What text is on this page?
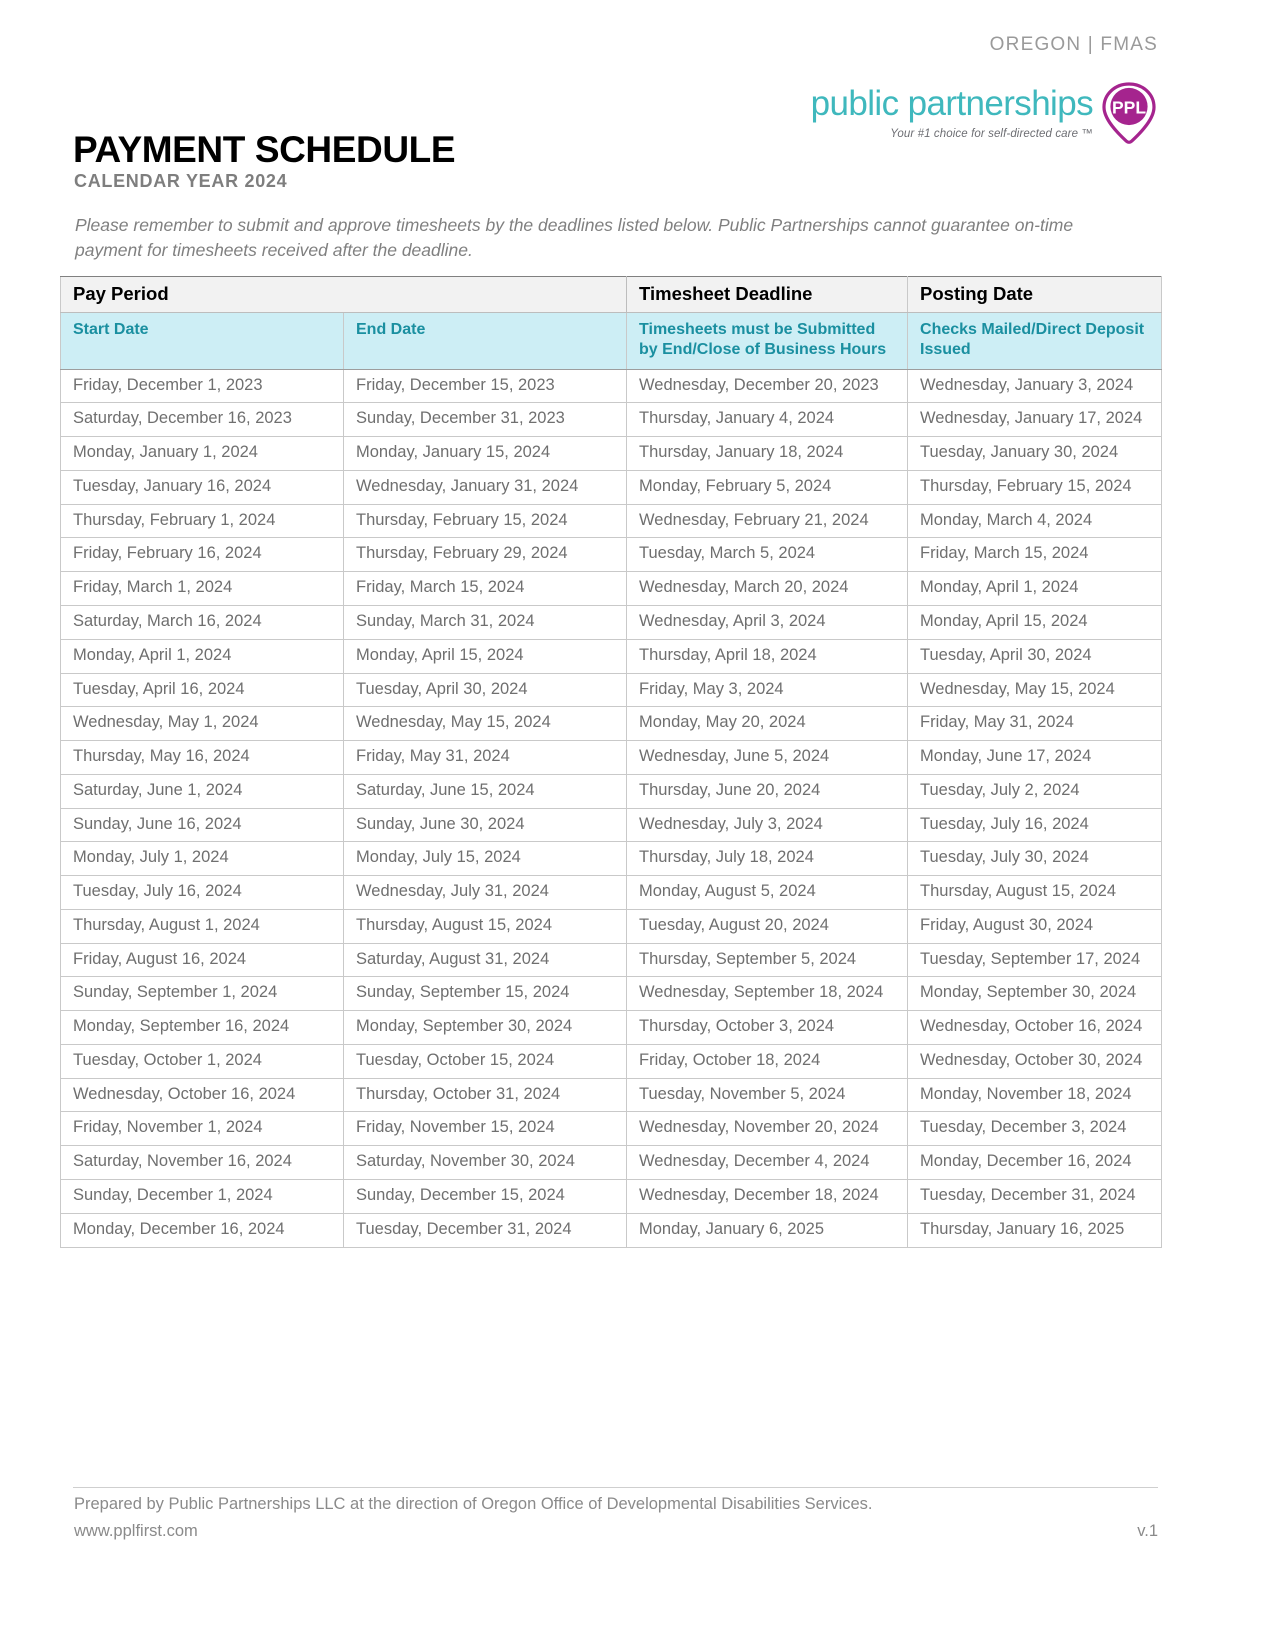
OREGON | FMAS
public partnerships
Your #1 choice for self-directed care ™
PPL
PAYMENT SCHEDULE
CALENDAR YEAR 2024
Please remember to submit and approve timesheets by the deadlines listed below. Public Partnerships cannot guarantee on-time payment for timesheets received after the deadline.
Pay Period		Timesheet Deadline	Posting Date
Start Date	End Date	Timesheets must be Submitted by End/Close of Business Hours	Checks Mailed/Direct Deposit Issued
Friday, December 1, 2023	Friday, December 15, 2023	Wednesday, December 20, 2023	Wednesday, January 3, 2024
Saturday, December 16, 2023	Sunday, December 31, 2023	Thursday, January 4, 2024	Wednesday, January 17, 2024
Monday, January 1, 2024	Monday, January 15, 2024	Thursday, January 18, 2024	Tuesday, January 30, 2024
Tuesday, January 16, 2024	Wednesday, January 31, 2024	Monday, February 5, 2024	Thursday, February 15, 2024
Thursday, February 1, 2024	Thursday, February 15, 2024	Wednesday, February 21, 2024	Monday, March 4, 2024
Friday, February 16, 2024	Thursday, February 29, 2024	Tuesday, March 5, 2024	Friday, March 15, 2024
Friday, March 1, 2024	Friday, March 15, 2024	Wednesday, March 20, 2024	Monday, April 1, 2024
Saturday, March 16, 2024	Sunday, March 31, 2024	Wednesday, April 3, 2024	Monday, April 15, 2024
Monday, April 1, 2024	Monday, April 15, 2024	Thursday, April 18, 2024	Tuesday, April 30, 2024
Tuesday, April 16, 2024	Tuesday, April 30, 2024	Friday, May 3, 2024	Wednesday, May 15, 2024
Wednesday, May 1, 2024	Wednesday, May 15, 2024	Monday, May 20, 2024	Friday, May 31, 2024
Thursday, May 16, 2024	Friday, May 31, 2024	Wednesday, June 5, 2024	Monday, June 17, 2024
Saturday, June 1, 2024	Saturday, June 15, 2024	Thursday, June 20, 2024	Tuesday, July 2, 2024
Sunday, June 16, 2024	Sunday, June 30, 2024	Wednesday, July 3, 2024	Tuesday, July 16, 2024
Monday, July 1, 2024	Monday, July 15, 2024	Thursday, July 18, 2024	Tuesday, July 30, 2024
Tuesday, July 16, 2024	Wednesday, July 31, 2024	Monday, August 5, 2024	Thursday, August 15, 2024
Thursday, August 1, 2024	Thursday, August 15, 2024	Tuesday, August 20, 2024	Friday, August 30, 2024
Friday, August 16, 2024	Saturday, August 31, 2024	Thursday, September 5, 2024	Tuesday, September 17, 2024
Sunday, September 1, 2024	Sunday, September 15, 2024	Wednesday, September 18, 2024	Monday, September 30, 2024
Monday, September 16, 2024	Monday, September 30, 2024	Thursday, October 3, 2024	Wednesday, October 16, 2024
Tuesday, October 1, 2024	Tuesday, October 15, 2024	Friday, October 18, 2024	Wednesday, October 30, 2024
Wednesday, October 16, 2024	Thursday, October 31, 2024	Tuesday, November 5, 2024	Monday, November 18, 2024
Friday, November 1, 2024	Friday, November 15, 2024	Wednesday, November 20, 2024	Tuesday, December 3, 2024
Saturday, November 16, 2024	Saturday, November 30, 2024	Wednesday, December 4, 2024	Monday, December 16, 2024
Sunday, December 1, 2024	Sunday, December 15, 2024	Wednesday, December 18, 2024	Tuesday, December 31, 2024
Monday, December 16, 2024	Tuesday, December 31, 2024	Monday, January 6, 2025	Thursday, January 16, 2025
Prepared by Public Partnerships LLC at the direction of Oregon Office of Developmental Disabilities Services.
www.pplfirst.com	v.1
